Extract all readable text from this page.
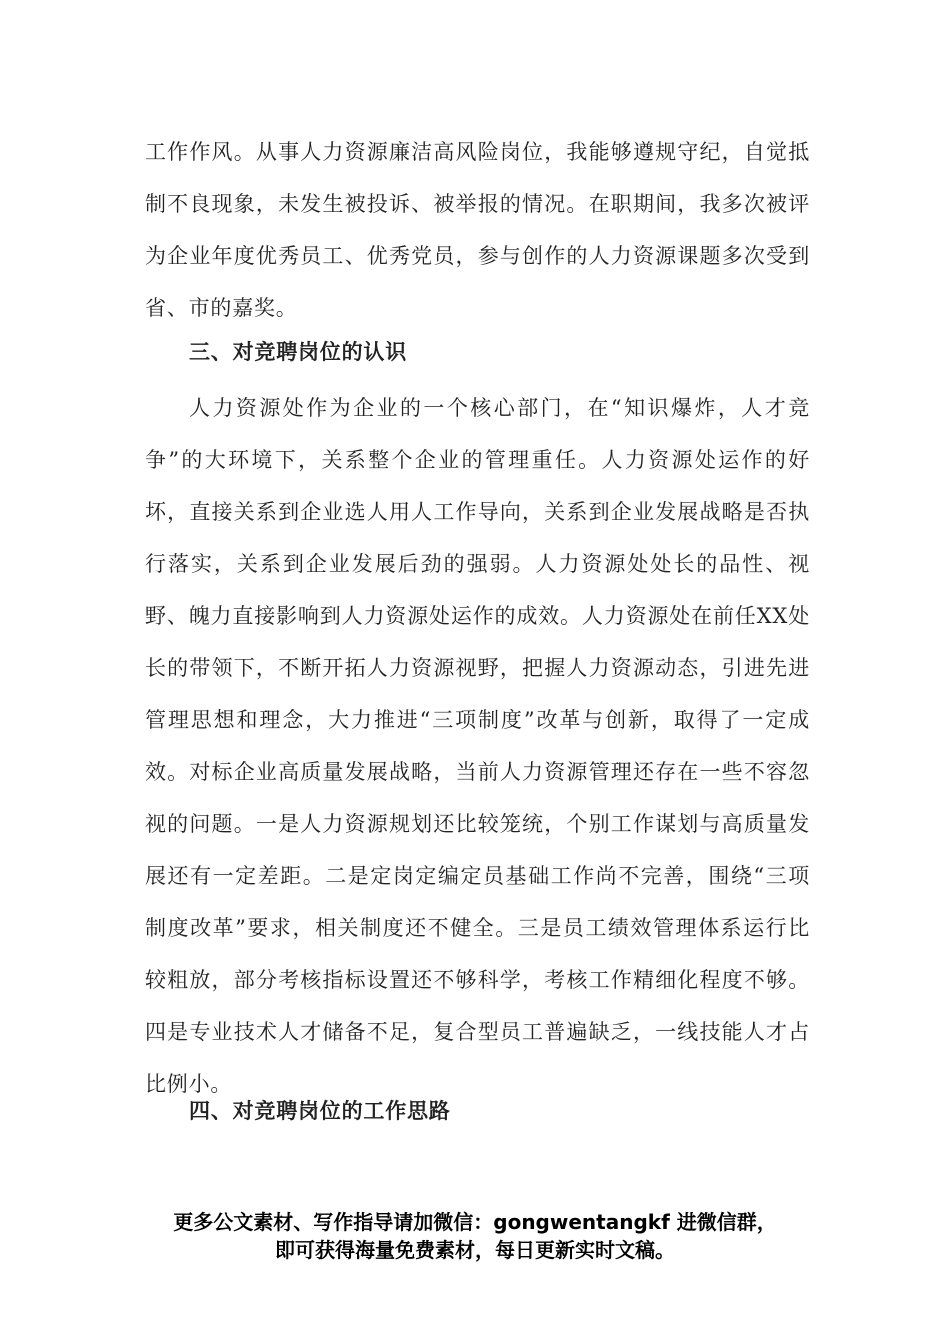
工作作风。从事人力资源廉洁高风险岗位，我能够遵规守纪，自觉抵制不良现象，未发生被投诉、被举报的情况。在职期间，我多次被评为企业年度优秀员工、优秀党员，参与创作的人力资源课题多次受到省、市的嘉奖。

三、对竞聘岗位的认识

人力资源处作为企业的一个核心部门，在“知识爆炸，人才竞争”的大环境下，关系整个企业的管理重任。人力资源处运作的好坏，直接关系到企业选人用人工作导向，关系到企业发展战略是否执行落实，关系到企业发展后劲的强弱。人力资源处处长的品性、视野、魄力直接影响到人力资源处运作的成效。人力资源处在前任XX处长的带领下，不断开拓人力资源视野，把握人力资源动态，引进先进管理思想和理念，大力推进“三项制度”改革与创新，取得了一定成效。对标企业高质量发展战略，当前人力资源管理还存在一些不容忽视的问题。一是人力资源规划还比较笼统，个别工作谋划与高质量发展还有一定差距。二是定岗定编定员基础工作尚不完善，围绕“三项制度改革”要求，相关制度还不健全。三是员工绩效管理体系运行比较粗放，部分考核指标设置还不够科学，考核工作精细化程度不够。四是专业技术人才储备不足，复合型员工普遍缺乏，一线技能人才占比例小。

四、对竞聘岗位的工作思路
更多公文素材、写作指导请加微信：gongwentangkf 进微信群，
即可获得海量免费素材，每日更新实时文稿。
